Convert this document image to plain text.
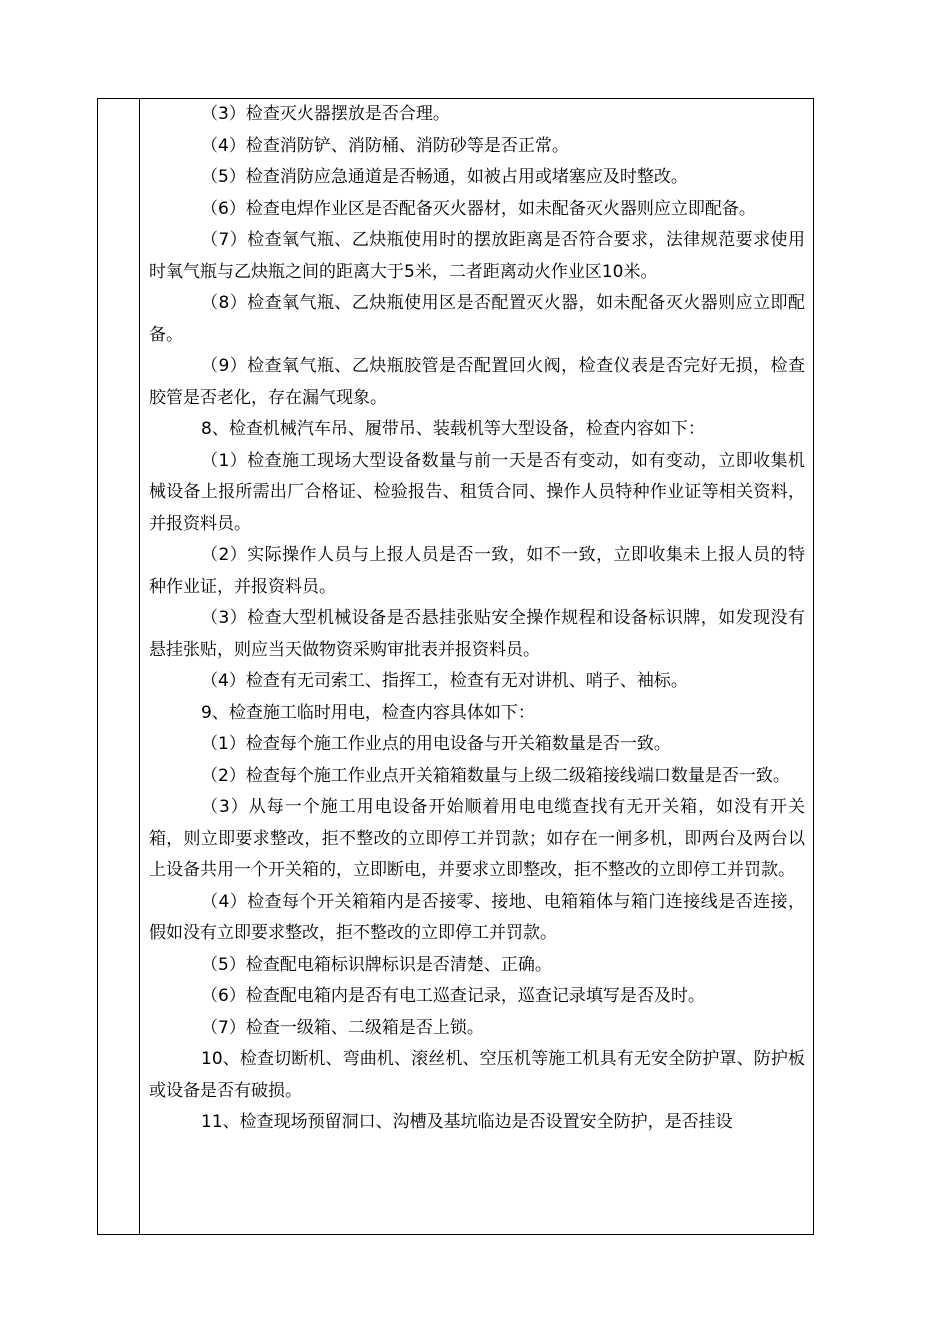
（3）检查灭火器摆放是否合理。

（4）检查消防铲、消防桶、消防砂等是否正常。

（5）检查消防应急通道是否畅通，如被占用或堵塞应及时整改。

（6）检查电焊作业区是否配备灭火器材，如未配备灭火器则应立即配备。

（7）检查氧气瓶、乙炔瓶使用时的摆放距离是否符合要求，法律规范要求使用时氧气瓶与乙炔瓶之间的距离大于5米，二者距离动火作业区10米。

（8）检查氧气瓶、乙炔瓶使用区是否配置灭火器，如未配备灭火器则应立即配备。

（9）检查氧气瓶、乙炔瓶胶管是否配置回火阀，检查仪表是否完好无损，检查胶管是否老化，存在漏气现象。

8、检查机械汽车吊、履带吊、装载机等大型设备，检查内容如下：

（1）检查施工现场大型设备数量与前一天是否有变动，如有变动，立即收集机械设备上报所需出厂合格证、检验报告、租赁合同、操作人员特种作业证等相关资料，并报资料员。

（2）实际操作人员与上报人员是否一致，如不一致，立即收集未上报人员的特种作业证，并报资料员。

（3）检查大型机械设备是否悬挂张贴安全操作规程和设备标识牌，如发现没有悬挂张贴，则应当天做物资采购审批表并报资料员。

（4）检查有无司索工、指挥工，检查有无对讲机、哨子、袖标。

9、检查施工临时用电，检查内容具体如下：

（1）检查每个施工作业点的用电设备与开关箱数量是否一致。

（2）检查每个施工作业点开关箱箱数量与上级二级箱接线端口数量是否一致。

（3）从每一个施工用电设备开始顺着用电电缆查找有无开关箱，如没有开关箱，则立即要求整改，拒不整改的立即停工并罚款；如存在一闸多机，即两台及两台以上设备共用一个开关箱的，立即断电，并要求立即整改，拒不整改的立即停工并罚款。

（4）检查每个开关箱箱内是否接零、接地、电箱箱体与箱门连接线是否连接，假如没有立即要求整改，拒不整改的立即停工并罚款。

（5）检查配电箱标识牌标识是否清楚、正确。

（6）检查配电箱内是否有电工巡查记录，巡查记录填写是否及时。

（7）检查一级箱、二级箱是否上锁。

10、检查切断机、弯曲机、滚丝机、空压机等施工机具有无安全防护罩、防护板或设备是否有破损。

11、检查现场预留洞口、沟槽及基坑临边是否设置安全防护，是否挂设
